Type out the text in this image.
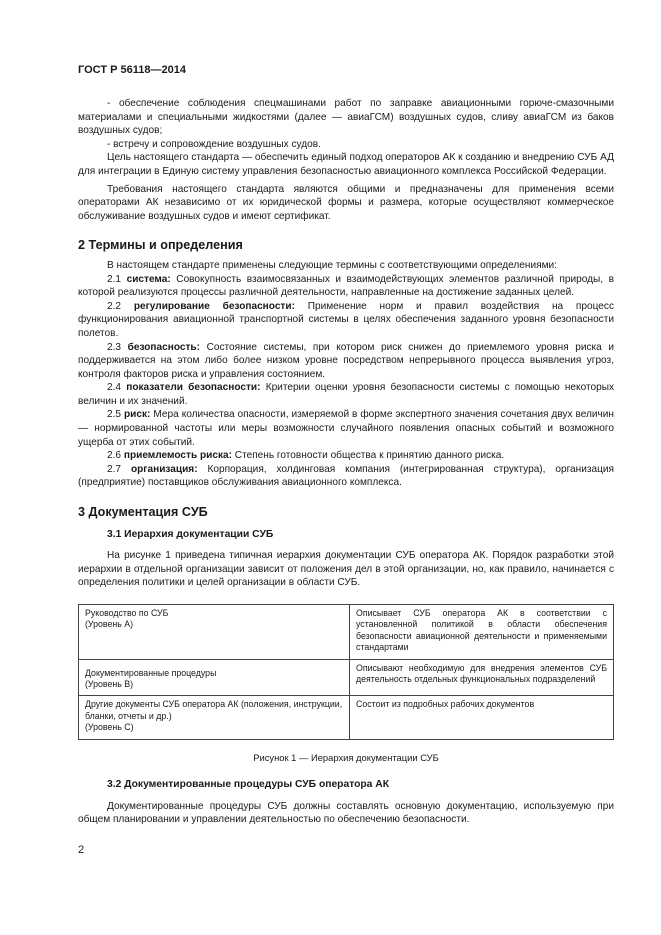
ГОСТ Р 56118—2014

- обеспечение соблюдения спецмашинами работ по заправке авиационными горюче-смазочными материалами и специальными жидкостями (далее — авиаГСМ) воздушных судов, сливу авиаГСМ из баков воздушных судов;

- встречу и сопровождение воздушных судов.

Цель настоящего стандарта — обеспечить единый подход операторов АК к созданию и внедрению СУБ АД для интеграции в Единую систему управления безопасностью авиационного комплекса Российской Федерации.

Требования настоящего стандарта являются общими и предназначены для применения всеми операторами АК независимо от их юридической формы и размера, которые осуществляют коммерческое обслуживание воздушных судов и имеют сертификат.

2 Термины и определения

В настоящем стандарте применены следующие термины с соответствующими определениями:

2.1 система: Совокупность взаимосвязанных и взаимодействующих элементов различной природы, в которой реализуются процессы различной деятельности, направленные на достижение заданных целей.

2.2 регулирование безопасности: Применение норм и правил воздействия на процесс функционирования авиационной транспортной системы в целях обеспечения заданного уровня безопасности полетов.

2.3 безопасность: Состояние системы, при котором риск снижен до приемлемого уровня риска и поддерживается на этом либо более низком уровне посредством непрерывного процесса выявления угроз, контроля факторов риска и управления состоянием.

2.4 показатели безопасности: Критерии оценки уровня безопасности системы с помощью некоторых величин и их значений.

2.5 риск: Мера количества опасности, измеряемой в форме экспертного значения сочетания двух величин — нормированной частоты или меры возможности случайного появления опасных событий и возможного ущерба от этих событий.

2.6 приемлемость риска: Степень готовности общества к принятию данного риска.

2.7 организация: Корпорация, холдинговая компания (интегрированная структура), организация (предприятие) поставщиков обслуживания авиационного комплекса.

3 Документация СУБ
3.1 Иерархия документации СУБ

На рисунке 1 приведена типичная иерархия документации СУБ оператора АК. Порядок разработки этой иерархии в отдельной организации зависит от положения дел в этой организации, но, как правило, начинается с определения политики и целей организации в области СУБ.

Руководство по СУБ
(Уровень А)	Описывает СУБ оператора АК в соответствии с установленной политикой в области обеспечения безопасности авиационной деятельности и применяемыми стандартами

Документированные процедуры
(Уровень В)	Описывают необходимую для внедрения элементов СУБ деятельность отдельных функциональных подразделений

Другие документы СУБ оператора АК (положения, инструкции, бланки, отчеты и др.)
(Уровень С)	Состоит из подробных рабочих документов

Рисунок 1 — Иерархия документации СУБ

3.2 Документированные процедуры СУБ оператора АК

Документированные процедуры СУБ должны составлять основную документацию, используемую при общем планировании и управлении деятельностью по обеспечению безопасности.

2
